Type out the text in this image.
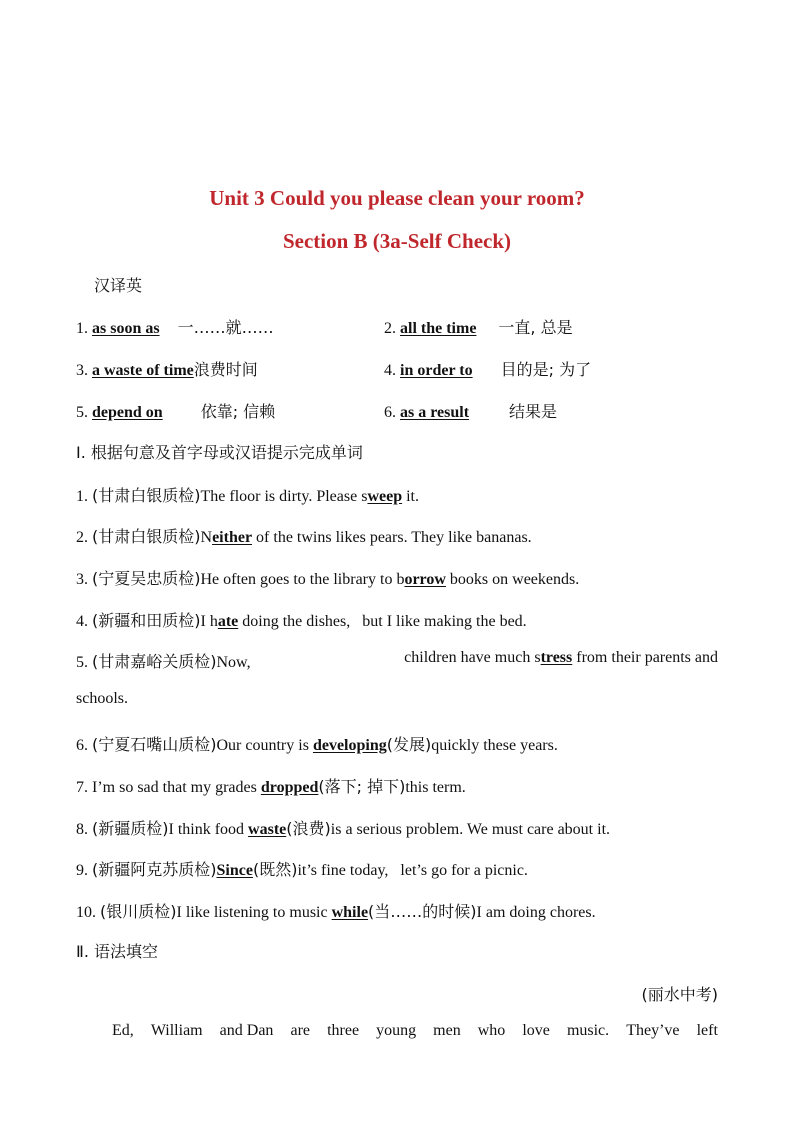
Unit 3 Could you please clean your room?
Section B (3a-Self Check)
汉译英
1. as soon as 一……就……	2. all the time 一直, 总是
3. a waste of time浪费时间	4. in order to 目的是; 为了
5. depend on 依靠; 信赖	6. as a result	结果是
Ⅰ. 根据句意及首字母或汉语提示完成单词
1. (甘肃白银质检)The floor is dirty. Please sweep it.
2. (甘肃白银质检)Neither of the twins likes pears. They like bananas.
3. (宁夏吴忠质检)He often goes to the library to borrow books on weekends.
4. (新疆和田质检)I hate doing the dishes,   but I like making the bed.
5. (甘肃嘉峪关质检)Now,	children have much stress from their parents and
schools.
6. (宁夏石嘴山质检)Our country is developing(发展)quickly these years.
7. I’m so sad that my grades dropped(落下; 掉下)this term.
8. (新疆质检)I think food waste(浪费)is a serious problem. We must care about it.
9. (新疆阿克苏质检)Since(既然)it’s fine today,   let’s go for a picnic.
10. (银川质检)I like listening to music while(当……的时候)I am doing chores.
Ⅱ. 语法填空
(丽水中考)
Ed, William and Dan are three young men who love music. They’ve left
